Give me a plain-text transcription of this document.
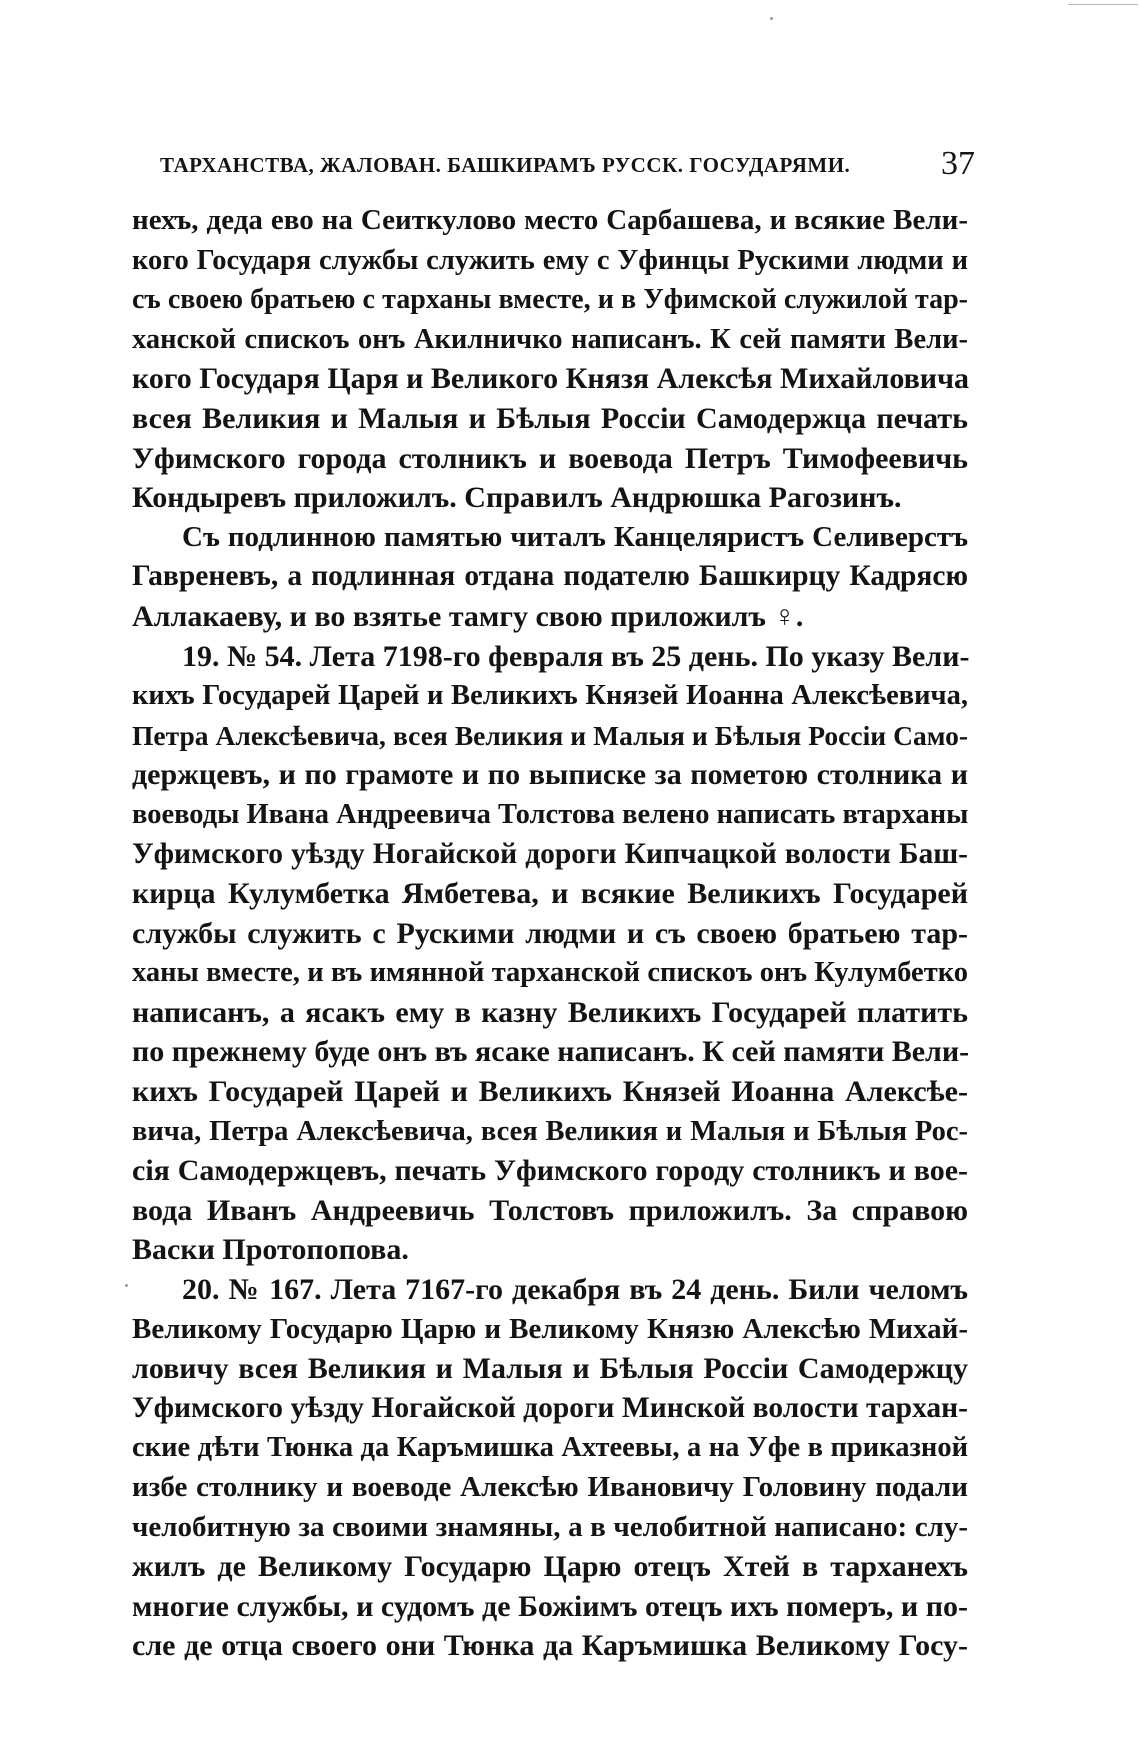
ТАРХАНСТВА, ЖАЛОВАН. БАШКИРАМЪ РУССК. ГОСУДАРЯМИ.	37
нехъ, деда ево на Сеиткулово место Сарбашева, и всякие Вели-
кого Государя службы служить ему с Уфинцы Рускими людми и
съ своею братьею с тарханы вместе, и в Уфимской служилой тар-
ханской спискоъ онъ Акилничко написанъ. К сей памяти Вели-
кого Государя Царя и Великого Князя Алексѣя Михайловича
всея Великия и Малыя и Бѣлыя Россіи Самодержца печать
Уфимского города столникъ и воевода Петръ Тимофеевичь
Кондыревъ приложилъ. Справилъ Андрюшка Рагозинъ.
Съ подлинною памятью читалъ Канцеляристъ Селиверстъ
Гавреневъ, а подлинная отдана подателю Башкирцу Кадрясю
Аллакаеву, и во взятье тамгу свою приложилъ ♀.
19. № 54. Лета 7198-го февраля въ 25 день. По указу Вели-
кихъ Государей Царей и Великихъ Князей Иоанна Алексѣевича,
Петра Алексѣевича, всея Великия и Малыя и Бѣлыя Россіи Само-
держцевъ, и по грамоте и по выписке за пометою столника и
воеводы Ивана Андреевича Толстова велено написать втарханы
Уфимского уѣзду Ногайской дороги Кипчацкой волости Баш-
кирца Кулумбетка Ямбетева, и всякие Великихъ Государей
службы служить с Рускими людми и съ своею братьею тар-
ханы вместе, и въ имянной тарханской спискоъ онъ Кулумбетко
написанъ, а ясакъ ему в казну Великихъ Государей платить
по прежнему буде онъ въ ясаке написанъ. К сей памяти Вели-
кихъ Государей Царей и Великихъ Князей Иоанна Алексѣе-
вича, Петра Алексѣевича, всея Великия и Малыя и Бѣлыя Рос-
сія Самодержцевъ, печать Уфимского городу столникъ и вое-
вода Иванъ Андреевичь Толстовъ приложилъ. За справою
Васки Протопопова.
20. № 167. Лета 7167-го декабря въ 24 день. Били челомъ
Великому Государю Царю и Великому Князю Алексѣю Михай-
ловичу всея Великия и Малыя и Бѣлыя Россіи Самодержцу
Уфимского уѣзду Ногайской дороги Минской волости тархан-
ские дѣти Тюнка да Каръмишка Ахтеевы, а на Уфе в приказной
избе столнику и воеводе Алексѣю Ивановичу Головину подали
челобитную за своими знамяны, а в челобитной написано: слу-
жилъ де Великому Государю Царю отецъ Хтей в тарханехъ
многие службы, и судомъ де Божіимъ отецъ ихъ померъ, и по-
сле де отца своего они Тюнка да Каръмишка Великому Госу-
